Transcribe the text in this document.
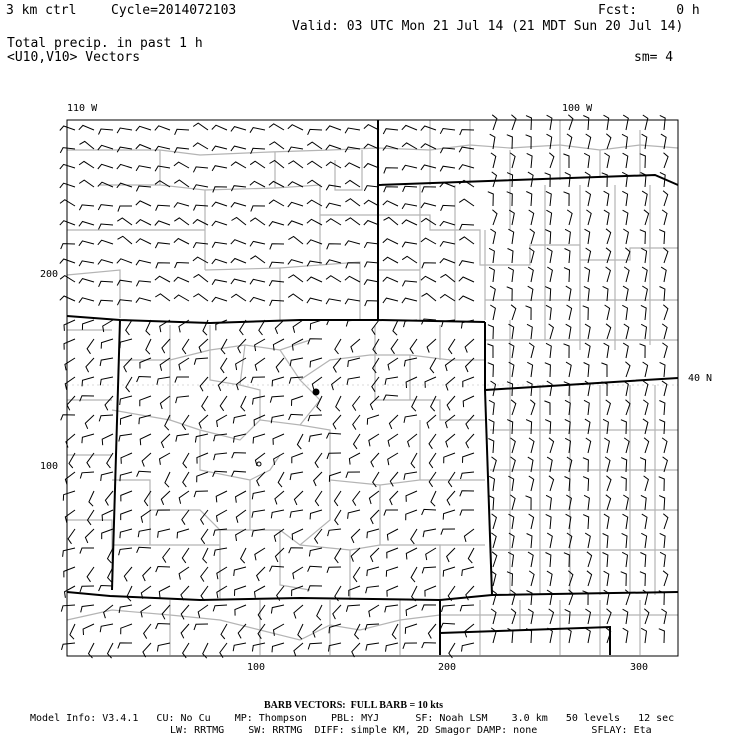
3 km ctrl	Cycle=2014072103	Fcst:     0 h
Valid: 03 UTC Mon 21 Jul 14 (21 MDT Sun 20 Jul 14)
Total precip. in past 1 h
<U10,V10> Vectors	sm= 4
110 W	100 W
40 N
200
100
100	200	300
BARB VECTORS:  FULL BARB = 10 kts
Model Info: V3.4.1   CU: No Cu    MP: Thompson    PBL: MYJ      SF: Noah LSM    3.0 km   50 levels   12 sec
LW: RRTMG    SW: RRTMG  DIFF: simple KM, 2D Smagor DAMP: none         SFLAY: Eta
